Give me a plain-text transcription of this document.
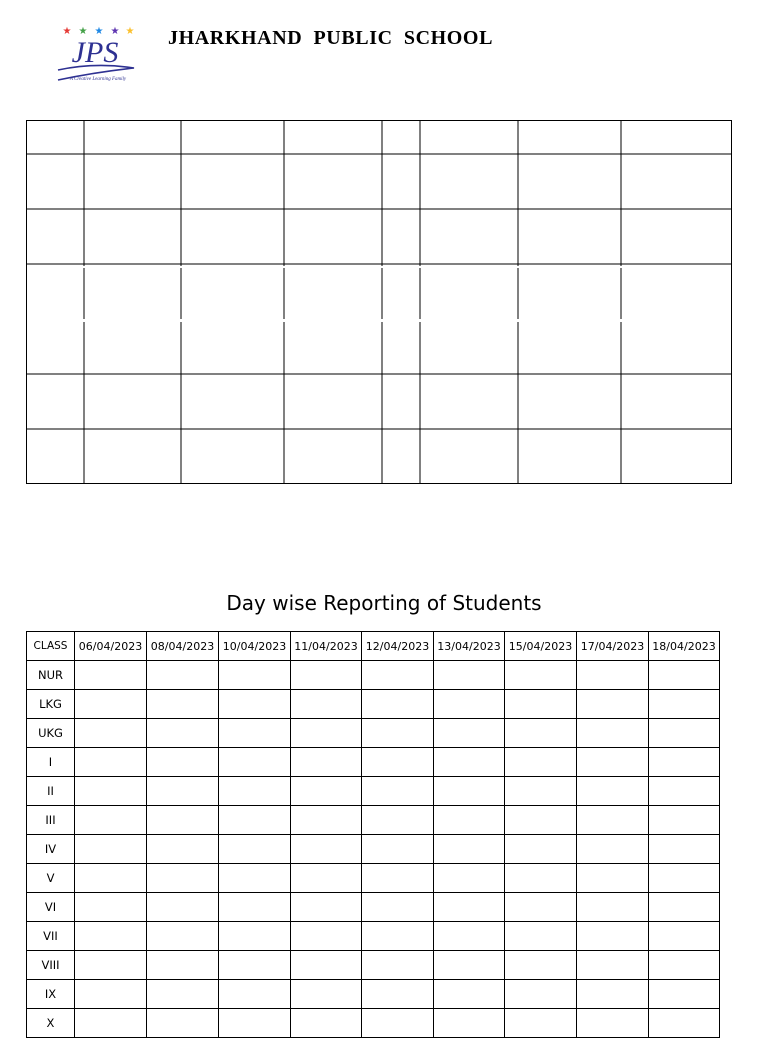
★ ★ ★ ★ ★
JPS
A Creative Learning Family
JHARKHAND  PUBLIC  SCHOOL
Day wise Reporting of Students
CLASS	06/04/2023	08/04/2023	10/04/2023	11/04/2023	12/04/2023	13/04/2023	15/04/2023	17/04/2023	18/04/2023
NUR									
LKG									
UKG									
I									
II									
III									
IV									
V									
VI									
VII									
VIII									
IX									
X									
